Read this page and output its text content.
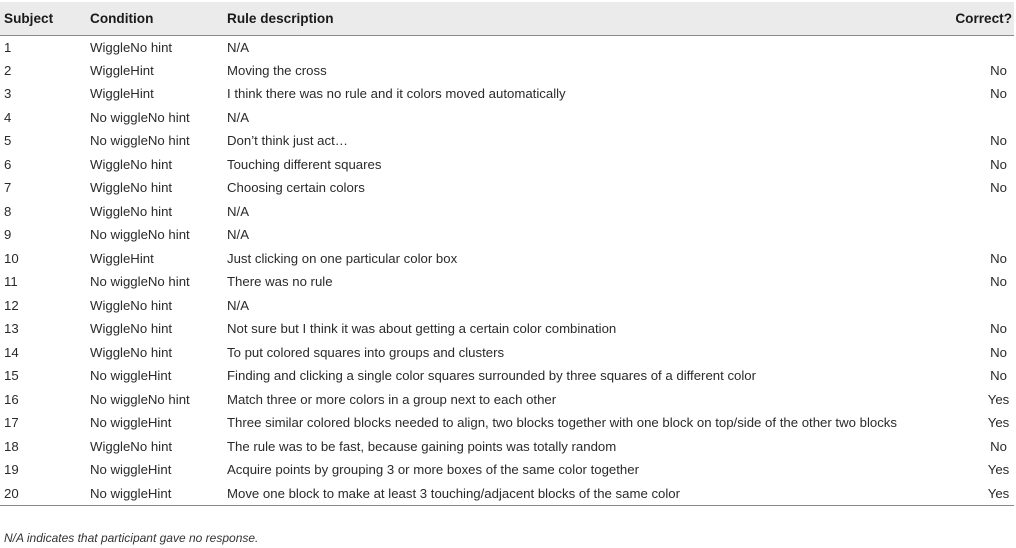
Subject	Condition	Rule description	Correct?
1	WiggleNo hint	N/A	
2	WiggleHint	Moving the cross	No
3	WiggleHint	I think there was no rule and it colors moved automatically	No
4	No wiggleNo hint	N/A	
5	No wiggleNo hint	Don’t think just act…	No
6	WiggleNo hint	Touching different squares	No
7	WiggleNo hint	Choosing certain colors	No
8	WiggleNo hint	N/A	
9	No wiggleNo hint	N/A	
10	WiggleHint	Just clicking on one particular color box	No
11	No wiggleNo hint	There was no rule	No
12	WiggleNo hint	N/A	
13	WiggleNo hint	Not sure but I think it was about getting a certain color combination	No
14	WiggleNo hint	To put colored squares into groups and clusters	No
15	No wiggleHint	Finding and clicking a single color squares surrounded by three squares of a different color	No
16	No wiggleNo hint	Match three or more colors in a group next to each other	Yes
17	No wiggleHint	Three similar colored blocks needed to align, two blocks together with one block on top/side of the other two blocks	Yes
18	WiggleNo hint	The rule was to be fast, because gaining points was totally random	No
19	No wiggleHint	Acquire points by grouping 3 or more boxes of the same color together	Yes
20	No wiggleHint	Move one block to make at least 3 touching/adjacent blocks of the same color	Yes
N/A indicates that participant gave no response.
